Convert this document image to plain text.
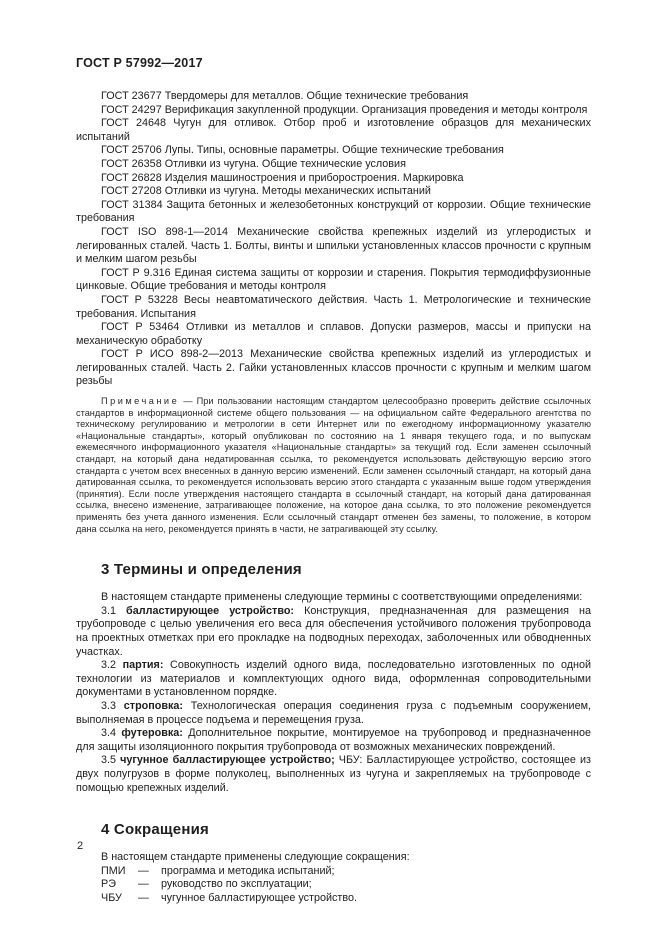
ГОСТ Р 57992—2017

ГОСТ 23677 Твердомеры для металлов. Общие технические требования

ГОСТ 24297 Верификация закупленной продукции. Организация проведения и методы контроля

ГОСТ 24648 Чугун для отливок. Отбор проб и изготовление образцов для механических испытаний

ГОСТ 25706 Лупы. Типы, основные параметры. Общие технические требования

ГОСТ 26358 Отливки из чугуна. Общие технические условия

ГОСТ 26828 Изделия машиностроения и приборостроения. Маркировка

ГОСТ 27208 Отливки из чугуна. Методы механических испытаний

ГОСТ 31384 Защита бетонных и железобетонных конструкций от коррозии. Общие технические требования

ГОСТ ISO 898-1—2014 Механические свойства крепежных изделий из углеродистых и легированных сталей. Часть 1. Болты, винты и шпильки установленных классов прочности с крупным и мелким шагом резьбы

ГОСТ Р 9.316 Единая система защиты от коррозии и старения. Покрытия термодиффузионные цинковые. Общие требования и методы контроля

ГОСТ Р 53228 Весы неавтоматического действия. Часть 1. Метрологические и технические требования. Испытания

ГОСТ Р 53464 Отливки из металлов и сплавов. Допуски размеров, массы и припуски на механическую обработку

ГОСТ Р ИСО 898-2—2013 Механические свойства крепежных изделий из углеродистых и легированных сталей. Часть 2. Гайки установленных классов прочности с крупным и мелким шагом резьбы

Примечание — При пользовании настоящим стандартом целесообразно проверить действие ссылочных стандартов в информационной системе общего пользования — на официальном сайте Федерального агентства по техническому регулированию и метрологии в сети Интернет или по ежегодному информационному указателю «Национальные стандарты», который опубликован по состоянию на 1 января текущего года, и по выпускам ежемесячного информационного указателя «Национальные стандарты» за текущий год. Если заменен ссылочный стандарт, на который дана недатированная ссылка, то рекомендуется использовать действующую версию этого стандарта с учетом всех внесенных в данную версию изменений. Если заменен ссылочный стандарт, на который дана датированная ссылка, то рекомендуется использовать версию этого стандарта с указанным выше годом утверждения (принятия). Если после утверждения настоящего стандарта в ссылочный стандарт, на который дана датированная ссылка, внесено изменение, затрагивающее положение, на которое дана ссылка, то это положение рекомендуется применять без учета данного изменения. Если ссылочный стандарт отменен без замены, то положение, в котором дана ссылка на него, рекомендуется принять в части, не затрагивающей эту ссылку.

3 Термины и определения

В настоящем стандарте применены следующие термины с соответствующими определениями:

3.1 балластирующее устройство: Конструкция, предназначенная для размещения на трубопроводе с целью увеличения его веса для обеспечения устойчивого положения трубопровода на проектных отметках при его прокладке на подводных переходах, заболоченных или обводненных участках.

3.2 партия: Совокупность изделий одного вида, последовательно изготовленных по одной технологии из материалов и комплектующих одного вида, оформленная сопроводительными документами в установленном порядке.

3.3 строповка: Технологическая операция соединения груза с подъемным сооружением, выполняемая в процессе подъема и перемещения груза.

3.4 футеровка: Дополнительное покрытие, монтируемое на трубопровод и предназначенное для защиты изоляционного покрытия трубопровода от возможных механических повреждений.

3.5 чугунное балластирующее устройство; ЧБУ: Балластирующее устройство, состоящее из двух полугрузов в форме полуколец, выполненных из чугуна и закрепляемых на трубопроводе с помощью крепежных изделий.

4 Сокращения

В настоящем стандарте применены следующие сокращения:

ПМИ	—	программа и методика испытаний;
РЭ	—	руководство по эксплуатации;
ЧБУ	—	чугунное балластирующее устройство.
2
